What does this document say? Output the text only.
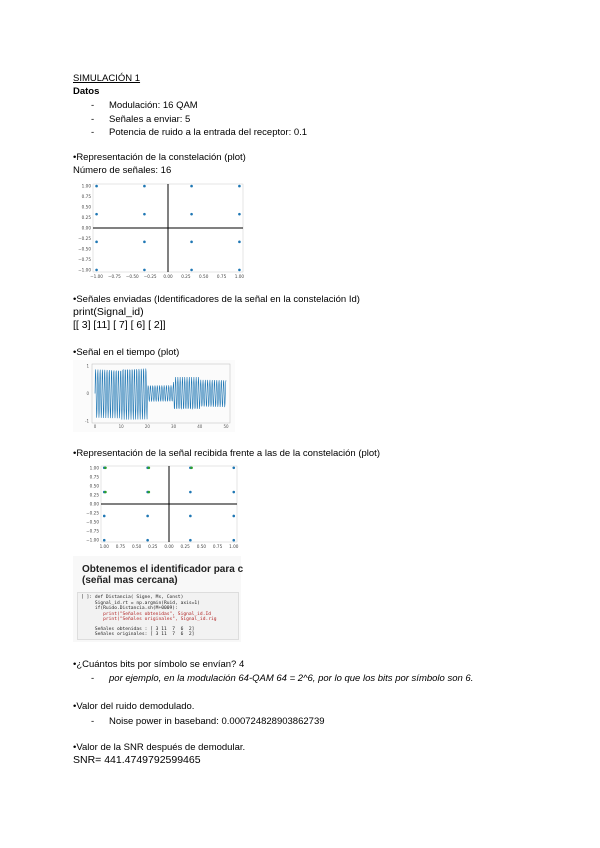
SIMULACIÓN 1
Datos
- Modulación: 16 QAM
- Señales a enviar: 5
- Potencia de ruido a la entrada del receptor: 0.1
•Representación de la constelación (plot)
Número de señales: 16
1.00
0.75
0.50
0.25
0.00
−0.25
−0.50
−0.75
−1.00
−1.00 −0.75 −0.50 −0.25 0.00 0.25 0.50 0.75 1.00
•Señales enviadas (Identificadores de la señal en la constelación Id)
print(Signal_id)
[[ 3] [11] [ 7] [ 6] [ 2]]
•Señal en el tiempo (plot)
1
0
-1
0	10	20	30	40	50
•Representación de la señal recibida frente a las de la constelación (plot)
1.00
0.75
0.50
0.25
0.00
−0.25
−0.50
−0.75
−1.00
1.00 0.75 0.50 0.25 0.00 0.25 0.50 0.75 1.00
Obtenemos el identificador para c
(señal mas cercana)
[ ]: def Distancia( Signe, Ms, Const)
Signal_id.rt = np.argmin(Ruid, axis=1)
if(Ruido.Distancia.sh(M+0009):
print("Señales obtenidas", Signal_id.Id
print("Señales originales", Signal_id.rig
Señales obtenidas : [ 3 11  7  6  2]
Señales originales: [ 3 11  7  6  2]
•¿Cuántos bits por símbolo se envían? 4
- por ejemplo, en la modulación 64-QAM 64 = 2^6, por lo que los bits por símbolo son 6.
•Valor del ruido demodulado.
- Noise power in baseband: 0.000724828903862739
•Valor de la SNR después de demodular.
SNR= 441.4749792599465
